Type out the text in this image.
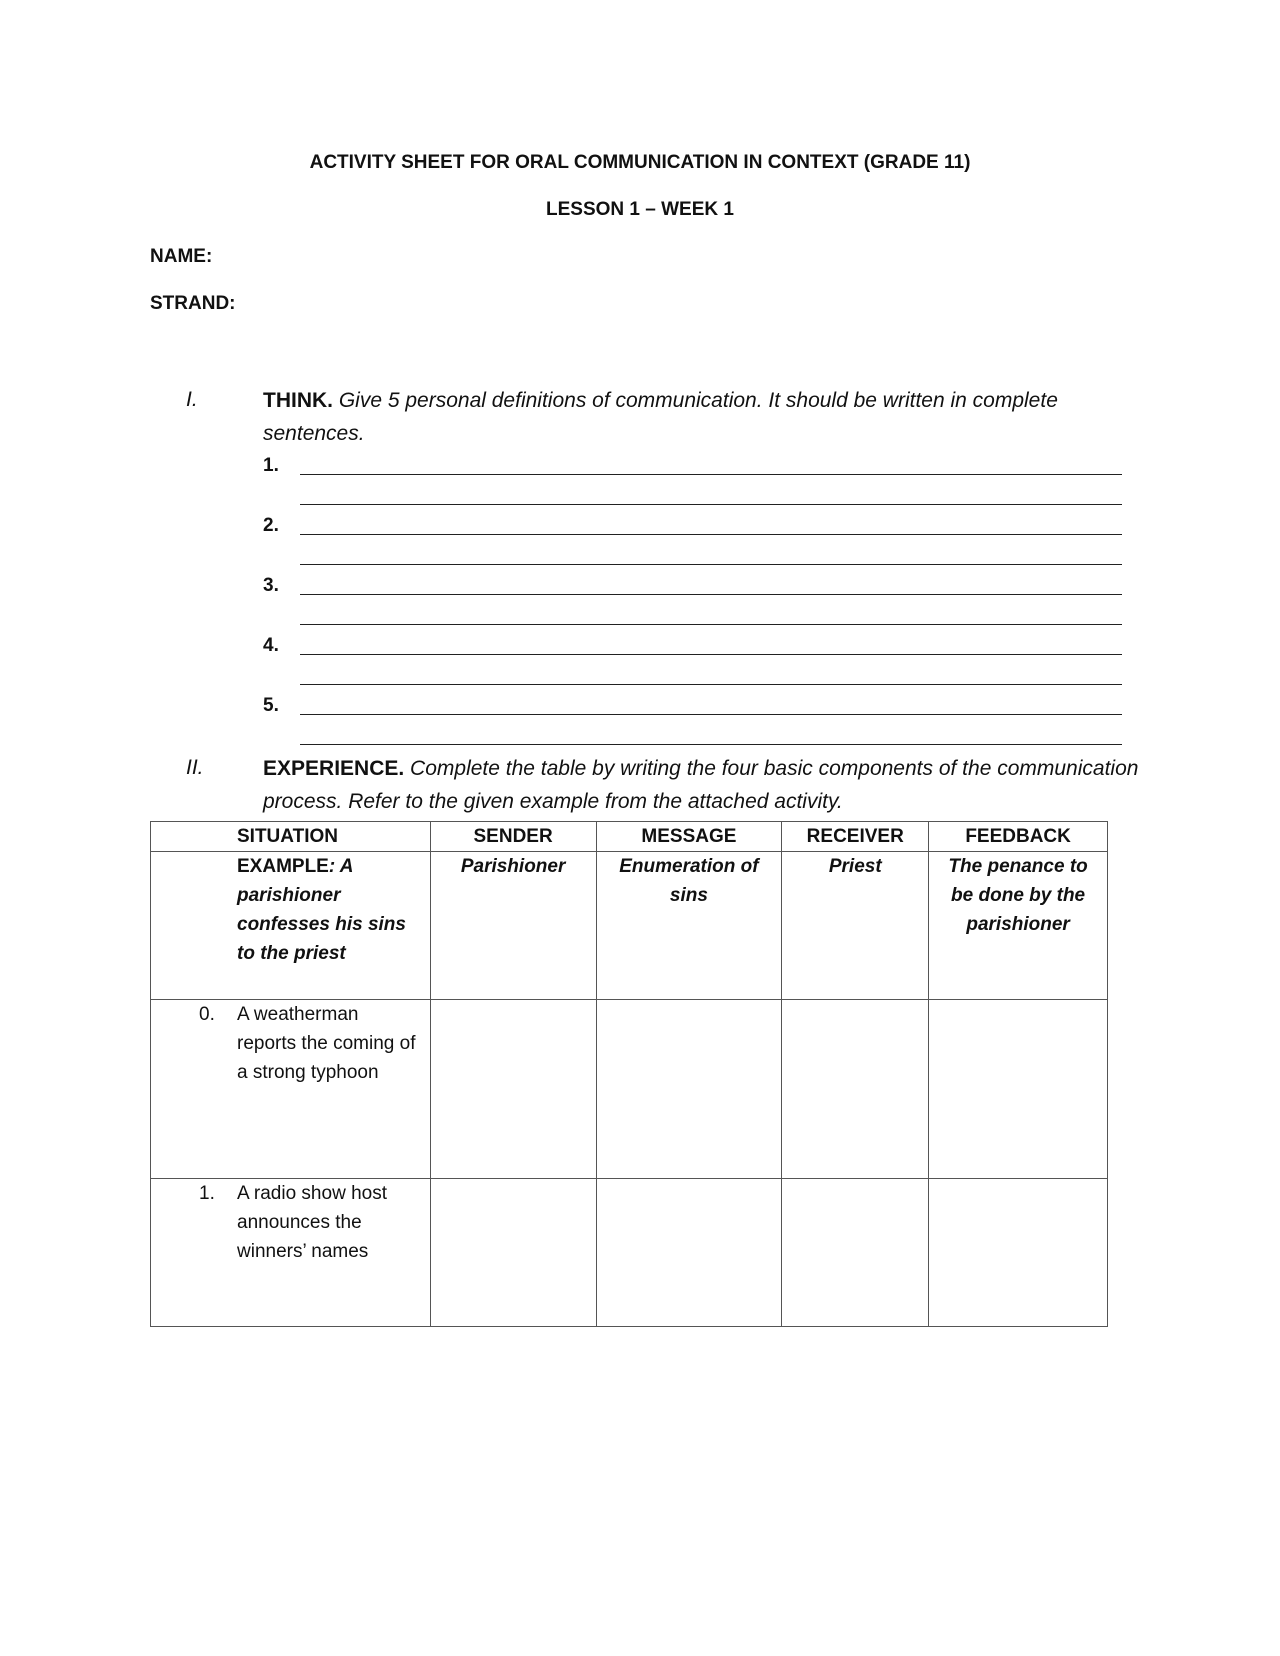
ACTIVITY SHEET FOR ORAL COMMUNICATION IN CONTEXT (GRADE 11)
LESSON 1 – WEEK 1
NAME:
STRAND:
I.	THINK. Give 5 personal definitions of communication. It should be written in complete sentences.
1.
2.
3.
4.
5.
II.	EXPERIENCE. Complete the table by writing the four basic components of the communication process. Refer to the given example from the attached activity.
SITUATION	SENDER	MESSAGE	RECEIVER	FEEDBACK
EXAMPLE: A parishioner confesses his sins to the priest	Parishioner	Enumeration of sins	Priest	The penance to be done by the parishioner

0. A weatherman reports the coming of a strong typhoon				

1. A radio show host announces the winners’ names				
